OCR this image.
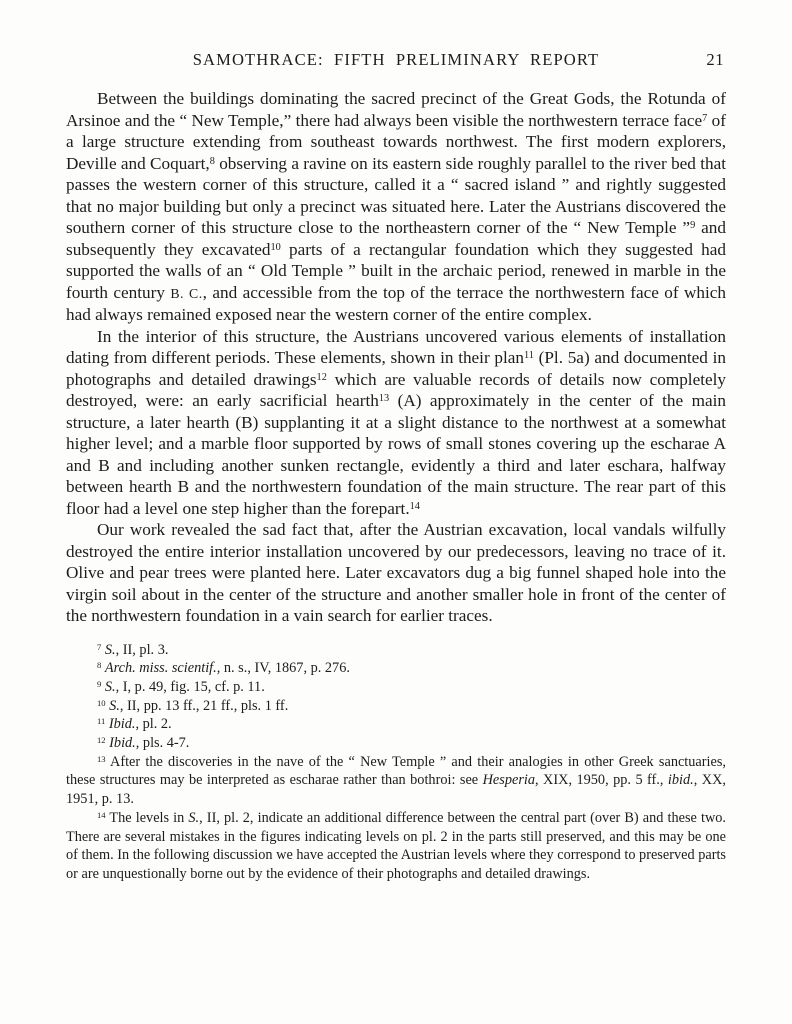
SAMOTHRACE: FIFTH PRELIMINARY REPORT	21

Between the buildings dominating the sacred precinct of the Great Gods, the Rotunda of Arsinoe and the “ New Temple,” there had always been visible the northwestern terrace face$^7$ of a large structure extending from southeast towards northwest. The first modern explorers, Deville and Coquart,$^8$ observing a ravine on its eastern side roughly parallel to the river bed that passes the western corner of this structure, called it a “ sacred island ” and rightly suggested that no major building but only a precinct was situated here. Later the Austrians discovered the southern corner of this structure close to the northeastern corner of the “ New Temple ”$^9$ and subsequently they excavated$^{10}$ parts of a rectangular foundation which they suggested had supported the walls of an “ Old Temple ” built in the archaic period, renewed in marble in the fourth century B. C., and accessible from the top of the terrace the northwestern face of which had always remained exposed near the western corner of the entire complex.

In the interior of this structure, the Austrians uncovered various elements of installation dating from different periods. These elements, shown in their plan$^{11}$ (Pl. 5a) and documented in photographs and detailed drawings$^{12}$ which are valuable records of details now completely destroyed, were: an early sacrificial hearth$^{13}$ (A) approximately in the center of the main structure, a later hearth (B) supplanting it at a slight distance to the northwest at a somewhat higher level; and a marble floor supported by rows of small stones covering up the escharae A and B and including another sunken rectangle, evidently a third and later eschara, halfway between hearth B and the northwestern foundation of the main structure. The rear part of this floor had a level one step higher than the forepart.$^{14}$

Our work revealed the sad fact that, after the Austrian excavation, local vandals wilfully destroyed the entire interior installation uncovered by our predecessors, leaving no trace of it. Olive and pear trees were planted here. Later excavators dug a big funnel shaped hole into the virgin soil about in the center of the structure and another smaller hole in front of the center of the northwestern foundation in a vain search for earlier traces.

$^7$ S., II, pl. 3.

$^8$ Arch. miss. scientif., n. s., IV, 1867, p. 276.

$^9$ S., I, p. 49, fig. 15, cf. p. 11.

$^{10}$ S., II, pp. 13 ff., 21 ff., pls. 1 ff.

$^{11}$ Ibid., pl. 2.

$^{12}$ Ibid., pls. 4-7.

$^{13}$ After the discoveries in the nave of the “ New Temple ” and their analogies in other Greek sanctuaries, these structures may be interpreted as escharae rather than bothroi: see Hesperia, XIX, 1950, pp. 5 ff., ibid., XX, 1951, p. 13.

$^{14}$ The levels in S., II, pl. 2, indicate an additional difference between the central part (over B) and these two. There are several mistakes in the figures indicating levels on pl. 2 in the parts still preserved, and this may be one of them. In the following discussion we have accepted the Austrian levels where they correspond to preserved parts or are unquestionally borne out by the evidence of their photographs and detailed drawings.
